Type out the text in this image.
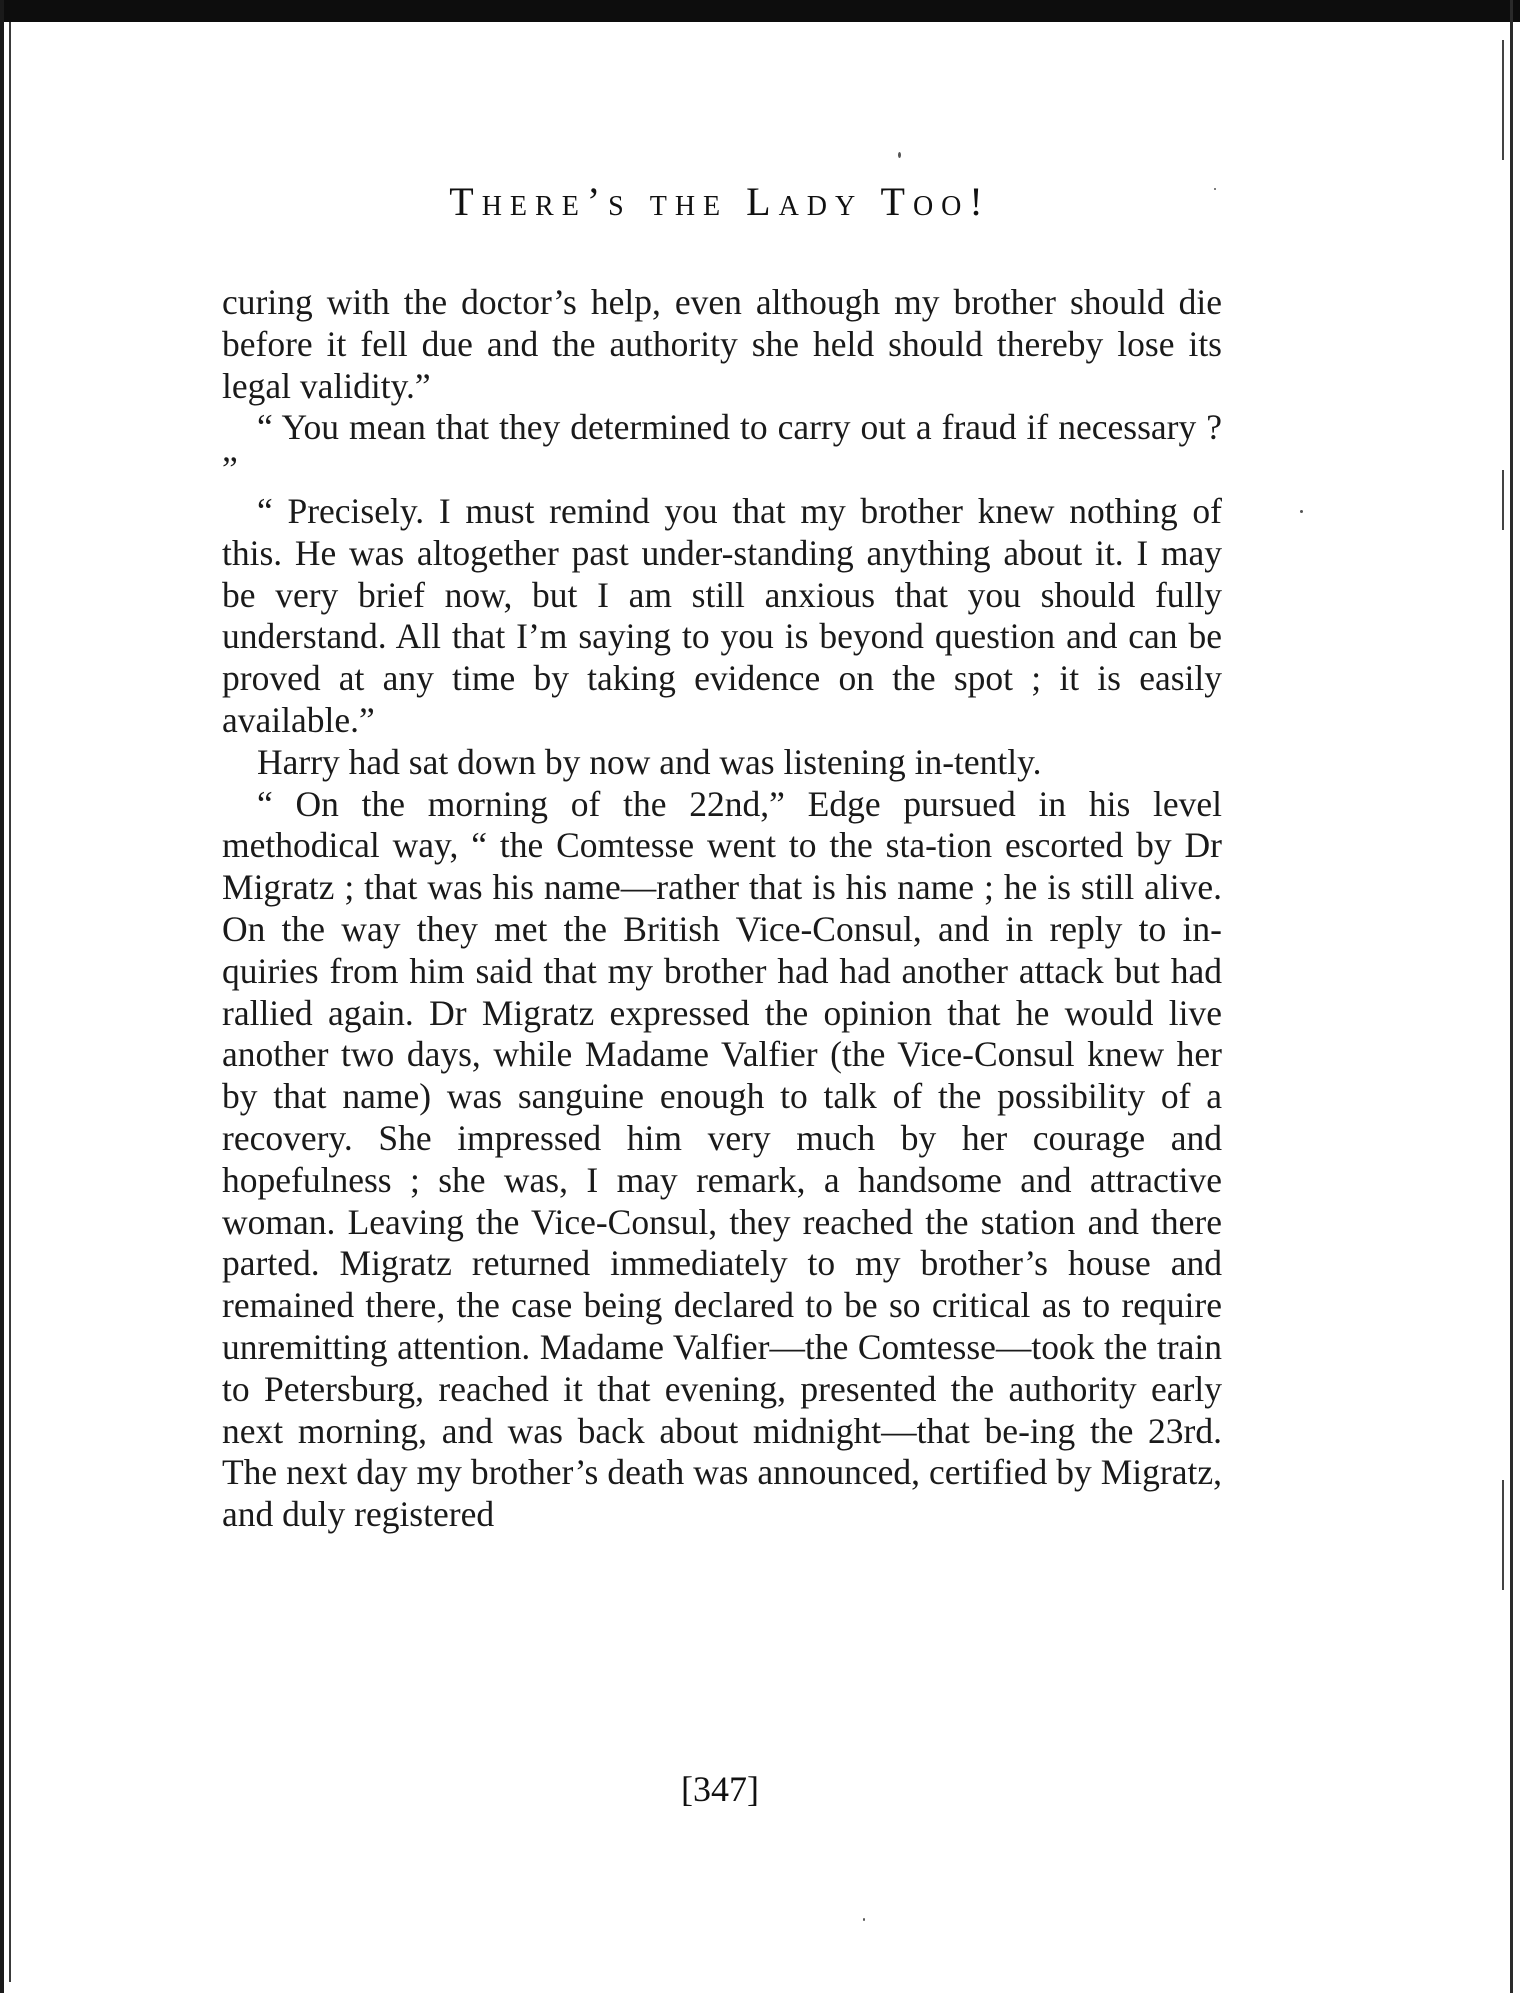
There’s the Lady Too!

curing with the doctor’s help, even although my brother should die before it fell due and the authority she held should thereby lose its legal validity.”

“ You mean that they determined to carry out a fraud if necessary ? ”

“ Precisely. I must remind you that my brother knew nothing of this. He was altogether past under-standing anything about it. I may be very brief now, but I am still anxious that you should fully understand. All that I’m saying to you is beyond question and can be proved at any time by taking evidence on the spot ; it is easily available.”

Harry had sat down by now and was listening in-tently.

“ On the morning of the 22nd,” Edge pursued in his level methodical way, “ the Comtesse went to the sta-tion escorted by Dr Migratz ; that was his name—rather that is his name ; he is still alive. On the way they met the British Vice-Consul, and in reply to in-quiries from him said that my brother had had another attack but had rallied again. Dr Migratz expressed the opinion that he would live another two days, while Madame Valfier (the Vice-Consul knew her by that name) was sanguine enough to talk of the possibility of a recovery. She impressed him very much by her courage and hopefulness ; she was, I may remark, a handsome and attractive woman. Leaving the Vice-Consul, they reached the station and there parted. Migratz returned immediately to my brother’s house and remained there, the case being declared to be so critical as to require unremitting attention. Madame Valfier—the Comtesse—took the train to Petersburg, reached it that evening, presented the authority early next morning, and was back about midnight—that be-ing the 23rd. The next day my brother’s death was announced, certified by Migratz, and duly registered

[347]
